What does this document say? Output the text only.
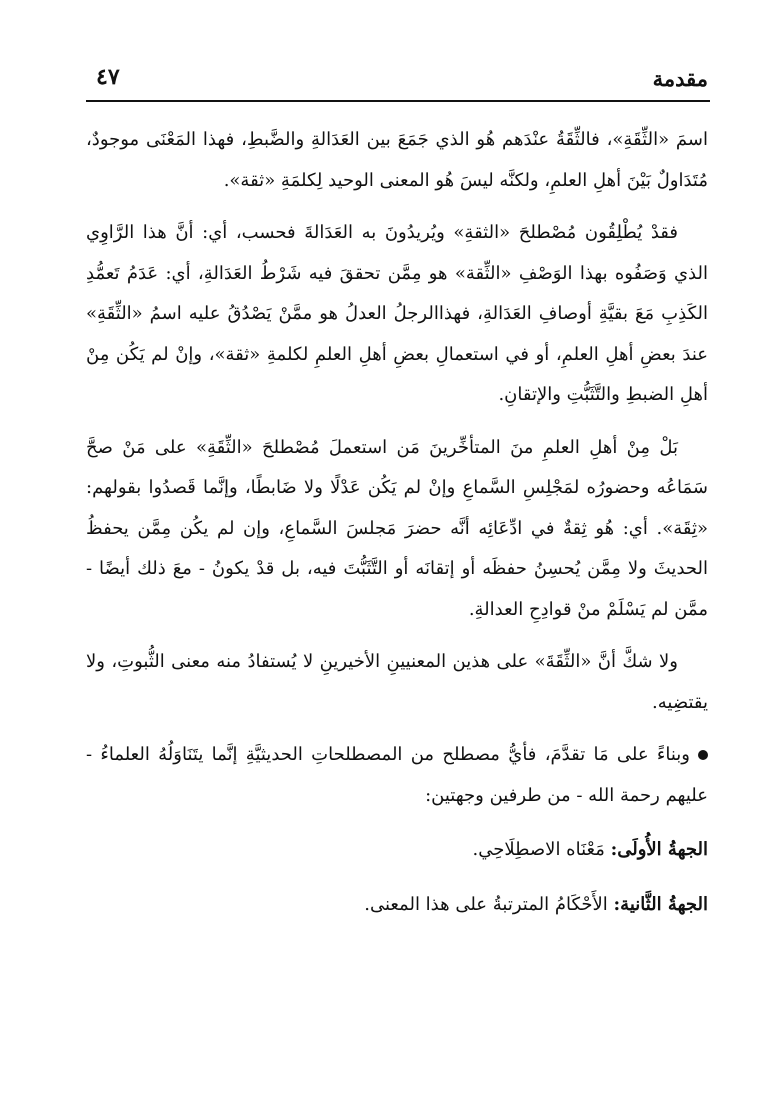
مقدمة
٤٧

اسمَ «الثِّقَةِ»، فالثِّقَةُ عنْدَهم هُو الذي جَمَعَ بين العَدَالةِ والضَّبطِ، فهذا المَعْنَى موجودٌ، مُتَدَاولٌ بَيْنَ أهلِ العلمِ، ولكنَّه ليسَ هُو المعنى الوحيد لِكلمَةِ «ثقة».

فقدْ يُطْلِقُون مُصْطلحَ «الثقةِ» ويُريدُونَ به العَدَالةَ فحسب، أي: أنَّ هذا الرَّاوِي الذي وَصَفُوه بهذا الوَصْفِ «الثِّقة» هو مِمَّن تحققَ فيه شَرْطُ العَدَالةِ، أي: عَدَمُ تَعمُّدِ الكَذِبِ مَعَ بقيَّةِ أوصافِ العَدَالةِ، فهذاالرجلُ العدلُ هو ممَّنْ يَصْدُقُ عليه اسمُ «الثِّقَةِ» عندَ بعضِ أهلِ العلمِ، أو في استعمالِ بعضِ أهلِ العلمِ لكلمةِ «ثقة»، وإنْ لم يَكُن مِنْ أهلِ الضبطِ والتَّثَبُّتِ والإتقانِ.

بَلْ مِنْ أهلِ العلمِ منَ المتأخِّرينَ مَن استعملَ مُصْطلحَ «الثِّقَةِ» على مَنْ صحَّ سَمَاعُه وحضورُه لمَجْلِسِ السَّماعِ وإنْ لم يَكُن عَدْلًا ولا ضَابطًا، وإنَّما قَصدُوا بقولهم: «ثِقَة». أي: هُو ثِقةٌ في ادِّعَائِه أنَّه حضرَ مَجلسَ السَّماعِ، وإن لم يكُن مِمَّن يحفظُ الحديثَ ولا مِمَّن يُحسِنُ حفظَه أو إتقانَه أو التَّثَبُّتَ فيه، بل قدْ يكونُ - معَ ذلك أيضًا - ممَّن لم يَسْلَمْ منْ قوادِحِ العدالةِ.

ولا شكَّ أنَّ «الثِّقَةَ» على هذين المعنيينِ الأخيرينِ لا يُستفادُ منه معنى الثُّبوتِ، ولا يقتضِيه.

وبناءً على مَا تقدَّمَ، فأيُّ مصطلح من المصطلحاتِ الحديثيَّةِ إنَّما يتَنَاوَلُهُ العلماءُ - عليهم رحمة الله - من طرفين وجهتين:

الجهةُ الأُولَى: مَعْنَاه الاصطِلَاحِي.

الجهةُ الثَّانية: الأَحْكَامُ المترتبةُ على هذا المعنى.
